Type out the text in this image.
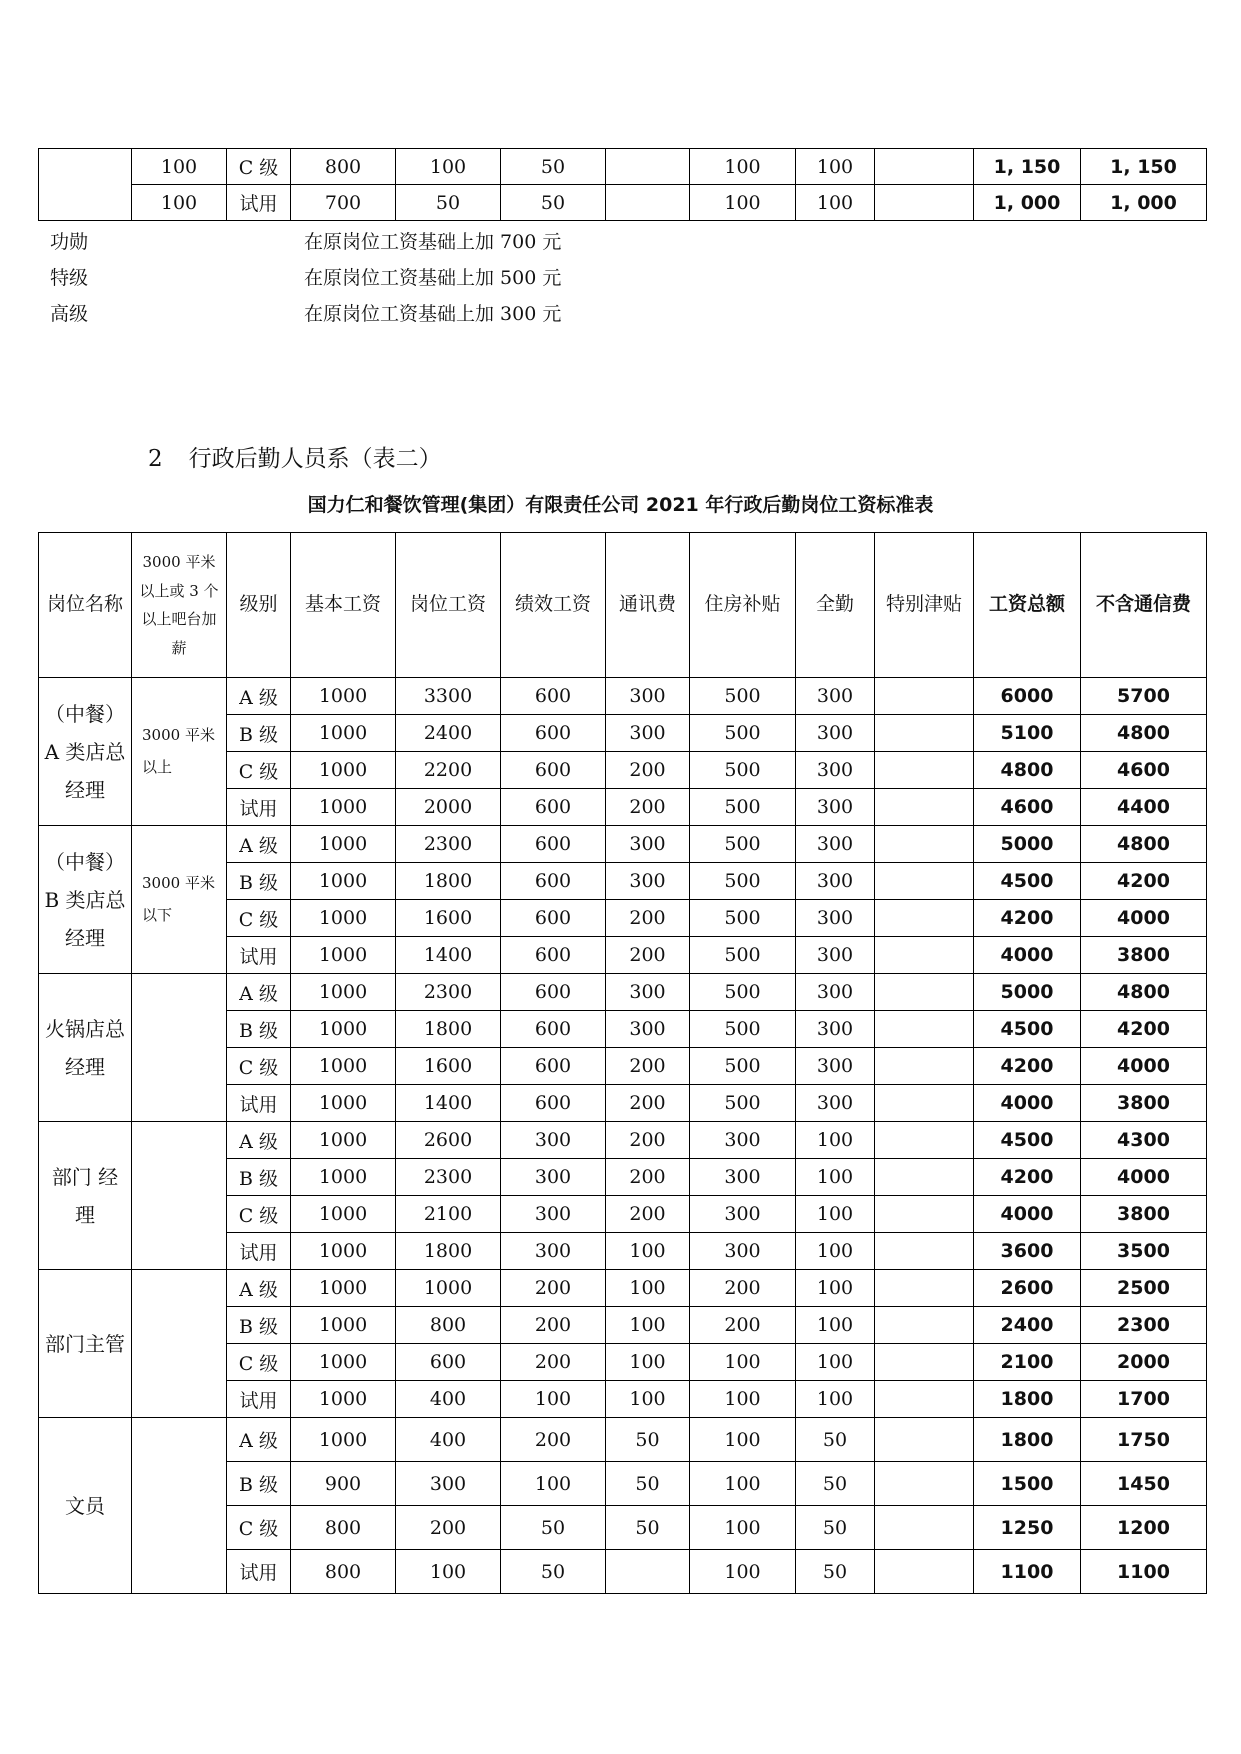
	100	C 级	800	100	50		100	100		1, 150	1, 150
	100	试用	700	50	50		100	100		1, 000	1, 000
功勋	在原岗位工资基础上加 700 元
特级	在原岗位工资基础上加 500 元
高级	在原岗位工资基础上加 300 元
2 行政后勤人员系（表二）
国力仁和餐饮管理(集团）有限责任公司 2021 年行政后勤岗位工资标准表
岗位名称	3000 平米以上或 3 个以上吧台加薪	级别	基本工资	岗位工资	绩效工资	通讯费	住房补贴	全勤	特别津贴	工资总额	不含通信费
（中餐）A 类店总经理	3000 平米以上	A 级	1000	3300	600	300	500	300		6000	5700
		B 级	1000	2400	600	300	500	300		5100	4800
		C 级	1000	2200	600	200	500	300		4800	4600
		试用	1000	2000	600	200	500	300		4600	4400
（中餐）B 类店总经理	3000 平米以下	A 级	1000	2300	600	300	500	300		5000	4800
		B 级	1000	1800	600	300	500	300		4500	4200
		C 级	1000	1600	600	200	500	300		4200	4000
		试用	1000	1400	600	200	500	300		4000	3800
火锅店总经理		A 级	1000	2300	600	300	500	300		5000	4800
		B 级	1000	1800	600	300	500	300		4500	4200
		C 级	1000	1600	600	200	500	300		4200	4000
		试用	1000	1400	600	200	500	300		4000	3800
部门 经理		A 级	1000	2600	300	200	300	100		4500	4300
		B 级	1000	2300	300	200	300	100		4200	4000
		C 级	1000	2100	300	200	300	100		4000	3800
		试用	1000	1800	300	100	300	100		3600	3500
部门主管		A 级	1000	1000	200	100	200	100		2600	2500
		B 级	1000	800	200	100	200	100		2400	2300
		C 级	1000	600	200	100	100	100		2100	2000
		试用	1000	400	100	100	100	100		1800	1700
文员		A 级	1000	400	200	50	100	50		1800	1750
		B 级	900	300	100	50	100	50		1500	1450
		C 级	800	200	50	50	100	50		1250	1200
		试用	800	100	50		100	50		1100	1100
